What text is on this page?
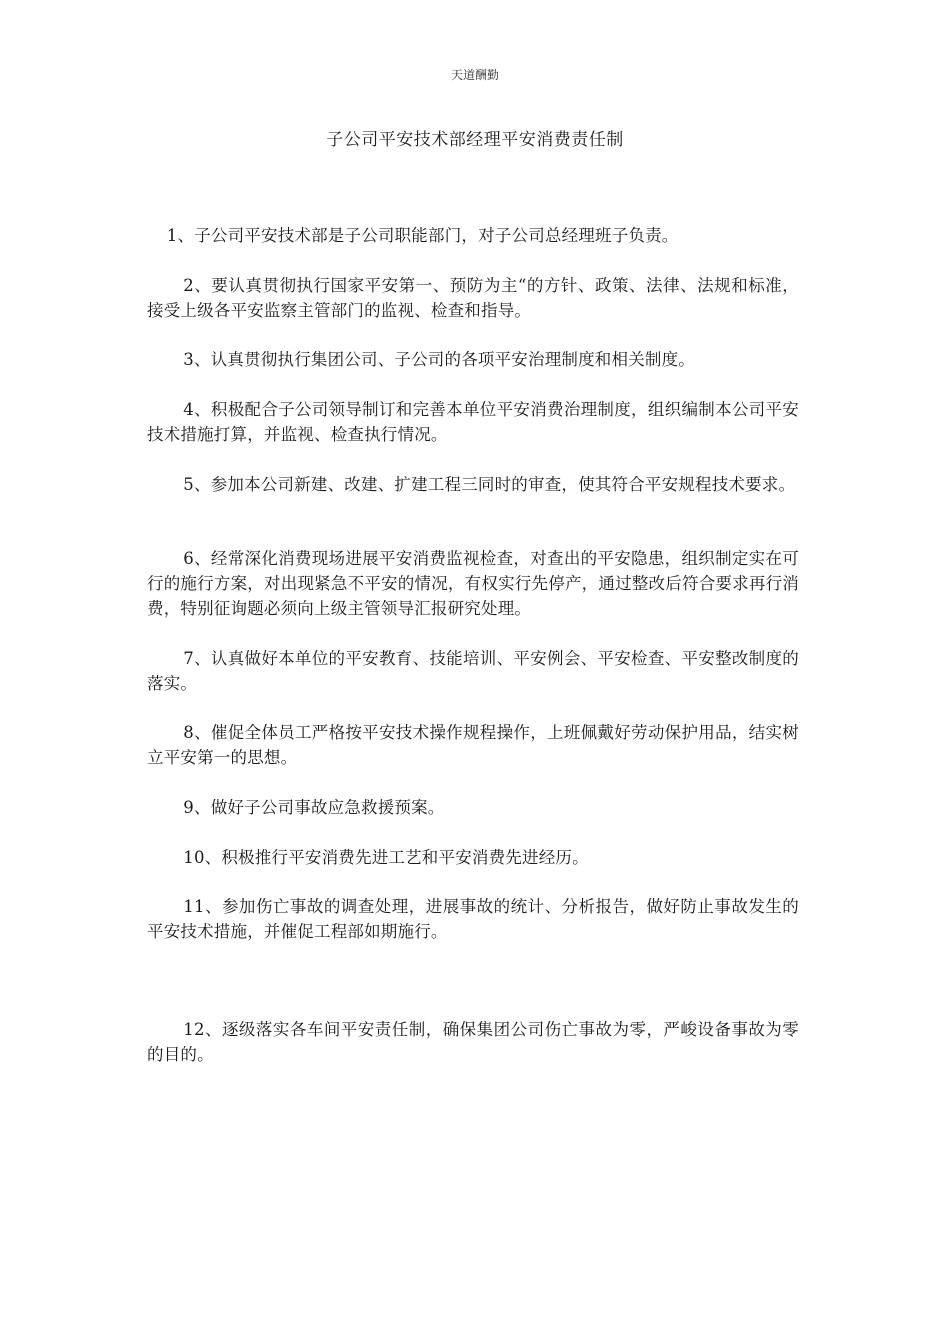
天道酬勤
子公司平安技术部经理平安消费责任制

1、子公司平安技术部是子公司职能部门，对子公司总经理班子负责。

2、要认真贯彻执行国家平安第一、预防为主“的方针、政策、法律、法规和标准，接受上级各平安监察主管部门的监视、检查和指导。

3、认真贯彻执行集团公司、子公司的各项平安治理制度和相关制度。

4、积极配合子公司领导制订和完善本单位平安消费治理制度，组织编制本公司平安技术措施打算，并监视、检查执行情况。

5、参加本公司新建、改建、扩建工程三同时的审查，使其符合平安规程技术要求。

6、经常深化消费现场进展平安消费监视检查，对查出的平安隐患，组织制定实在可行的施行方案，对出现紧急不平安的情况，有权实行先停产，通过整改后符合要求再行消费，特别征询题必须向上级主管领导汇报研究处理。

7、认真做好本单位的平安教育、技能培训、平安例会、平安检查、平安整改制度的落实。

8、催促全体员工严格按平安技术操作规程操作，上班佩戴好劳动保护用品，结实树立平安第一的思想。

9、做好子公司事故应急救援预案。

10、积极推行平安消费先进工艺和平安消费先进经历。

11、参加伤亡事故的调查处理，进展事故的统计、分析报告，做好防止事故发生的平安技术措施，并催促工程部如期施行。

12、逐级落实各车间平安责任制，确保集团公司伤亡事故为零，严峻设备事故为零的目的。
